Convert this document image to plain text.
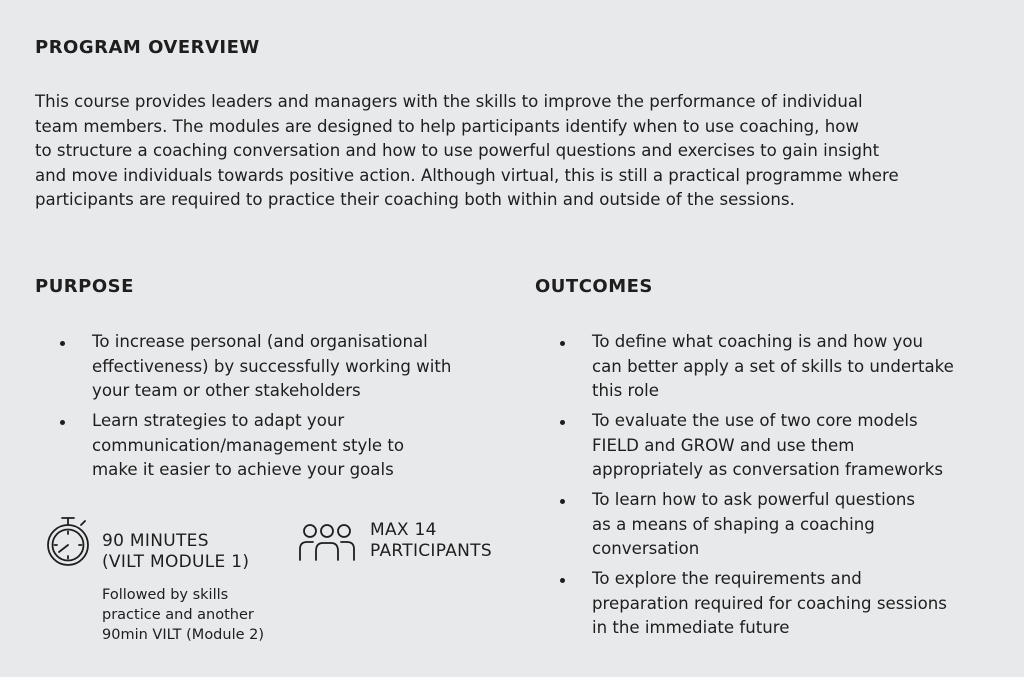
PROGRAM OVERVIEW

This course provides leaders and managers with the skills to improve the performance of individual
team members. The modules are designed to help participants identify when to use coaching, how
to structure a coaching conversation and how to use powerful questions and exercises to gain insight
and move individuals towards positive action. Although virtual, this is still a practical programme where
participants are required to practice their coaching both within and outside of the sessions.

PURPOSE	OUTCOMES
To increase personal (and organisational
effectiveness) by successfully working with
your team or other stakeholders
Learn strategies to adapt your
communication/management style to
make it easier to achieve your goals
To define what coaching is and how you
can better apply a set of skills to undertake
this role
To evaluate the use of two core models
FIELD and GROW and use them
appropriately as conversation frameworks
To learn how to ask powerful questions
as a means of shaping a coaching
conversation
To explore the requirements and
preparation required for coaching sessions
in the immediate future
90 MINUTES
(VILT MODULE 1)
Followed by skills
practice and another
90min VILT (Module 2)
MAX 14
PARTICIPANTS
